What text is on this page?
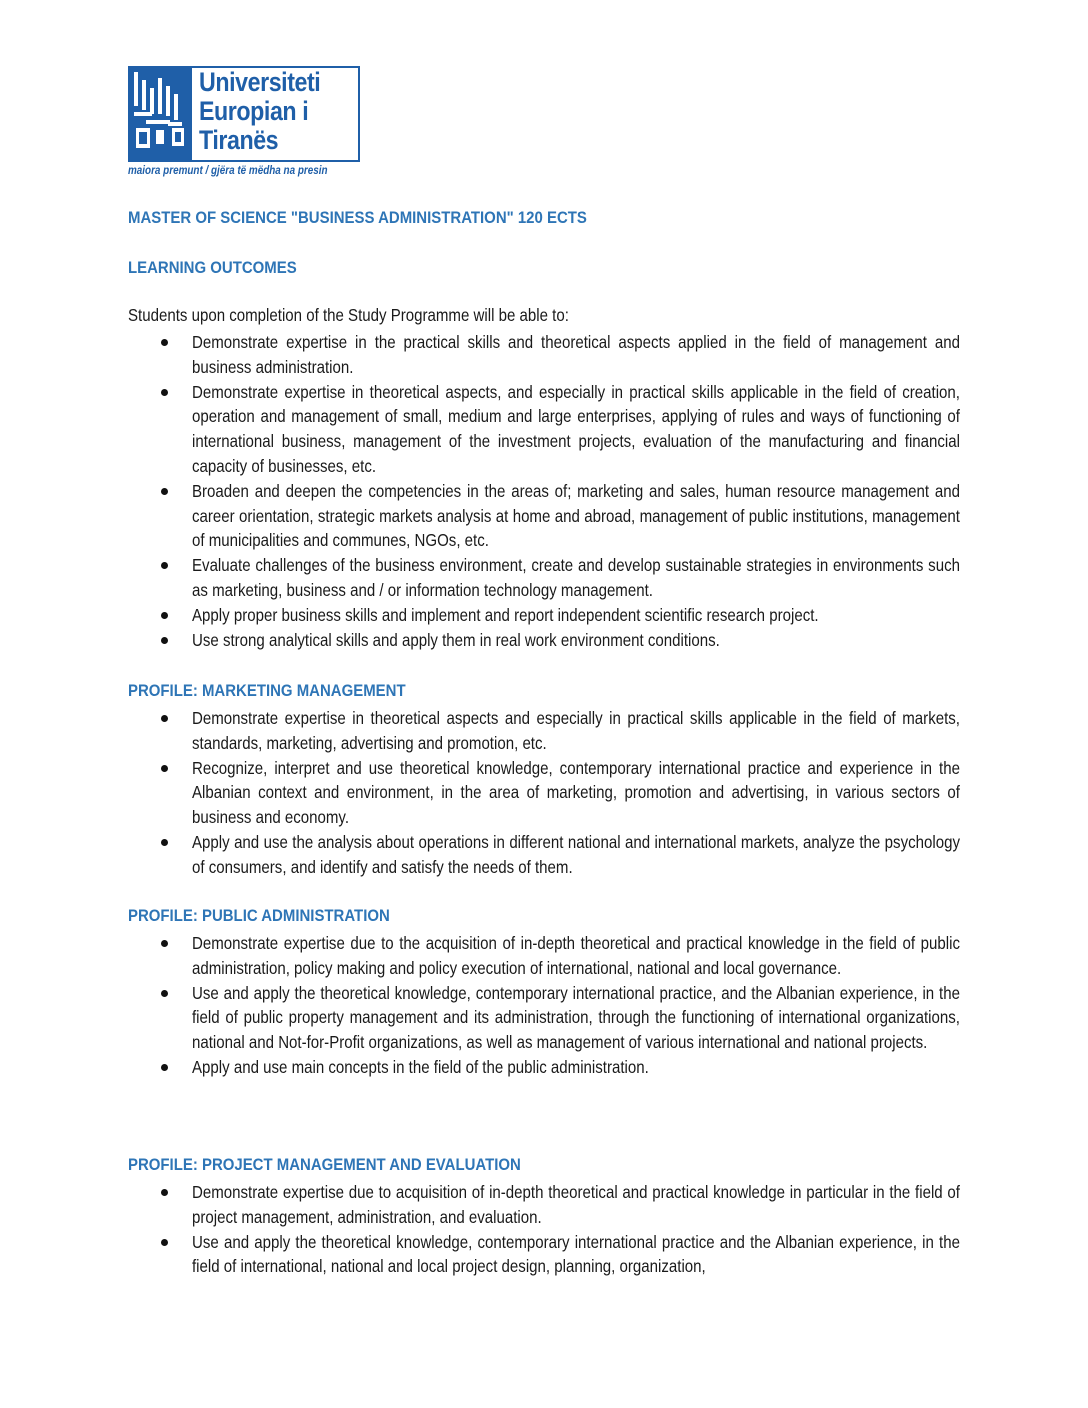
Universiteti
Europian i
Tiranës
maiora premunt / gjëra të mëdha na presin
MASTER OF SCIENCE "BUSINESS ADMINISTRATION" 120 ECTS
LEARNING OUTCOMES
Students upon completion of the Study Programme will be able to:
Demonstrate expertise in the practical skills and theoretical aspects applied in the field of management and business administration.
Demonstrate expertise in theoretical aspects, and especially in practical skills applicable in the field of creation, operation and management of small, medium and large enterprises, applying of rules and ways of functioning of international business, management of the investment projects, evaluation of the manufacturing and financial capacity of businesses, etc.
Broaden and deepen the competencies in the areas of; marketing and sales, human resource management and career orientation, strategic markets analysis at home and abroad, management of public institutions, management of municipalities and communes, NGOs, etc.
Evaluate challenges of the business environment, create and develop sustainable strategies in environments such as marketing, business and / or information technology management.
Apply proper business skills and implement and report independent scientific research project.
Use strong analytical skills and apply them in real work environment conditions.
PROFILE: MARKETING MANAGEMENT
Demonstrate expertise in theoretical aspects and especially in practical skills applicable in the field of markets, standards, marketing, advertising and promotion, etc.
Recognize, interpret and use theoretical knowledge, contemporary international practice and experience in the Albanian context and environment, in the area of marketing, promotion and advertising, in various sectors of business and economy.
Apply and use the analysis about operations in different national and international markets, analyze the psychology of consumers, and identify and satisfy the needs of them.
PROFILE: PUBLIC ADMINISTRATION
Demonstrate expertise due to the acquisition of in-depth theoretical and practical knowledge in the field of public administration, policy making and policy execution of international, national and local governance.
Use and apply the theoretical knowledge, contemporary international practice, and the Albanian experience, in the field of public property management and its administration, through the functioning of international organizations, national and Not-for-Profit organizations, as well as management of various international and national projects.
Apply and use main concepts in the field of the public administration.
PROFILE: PROJECT MANAGEMENT AND EVALUATION
Demonstrate expertise due to acquisition of in-depth theoretical and practical knowledge in particular in the field of project management, administration, and evaluation.
Use and apply the theoretical knowledge, contemporary international practice and the Albanian experience, in the field of international, national and local project design, planning, organization,
